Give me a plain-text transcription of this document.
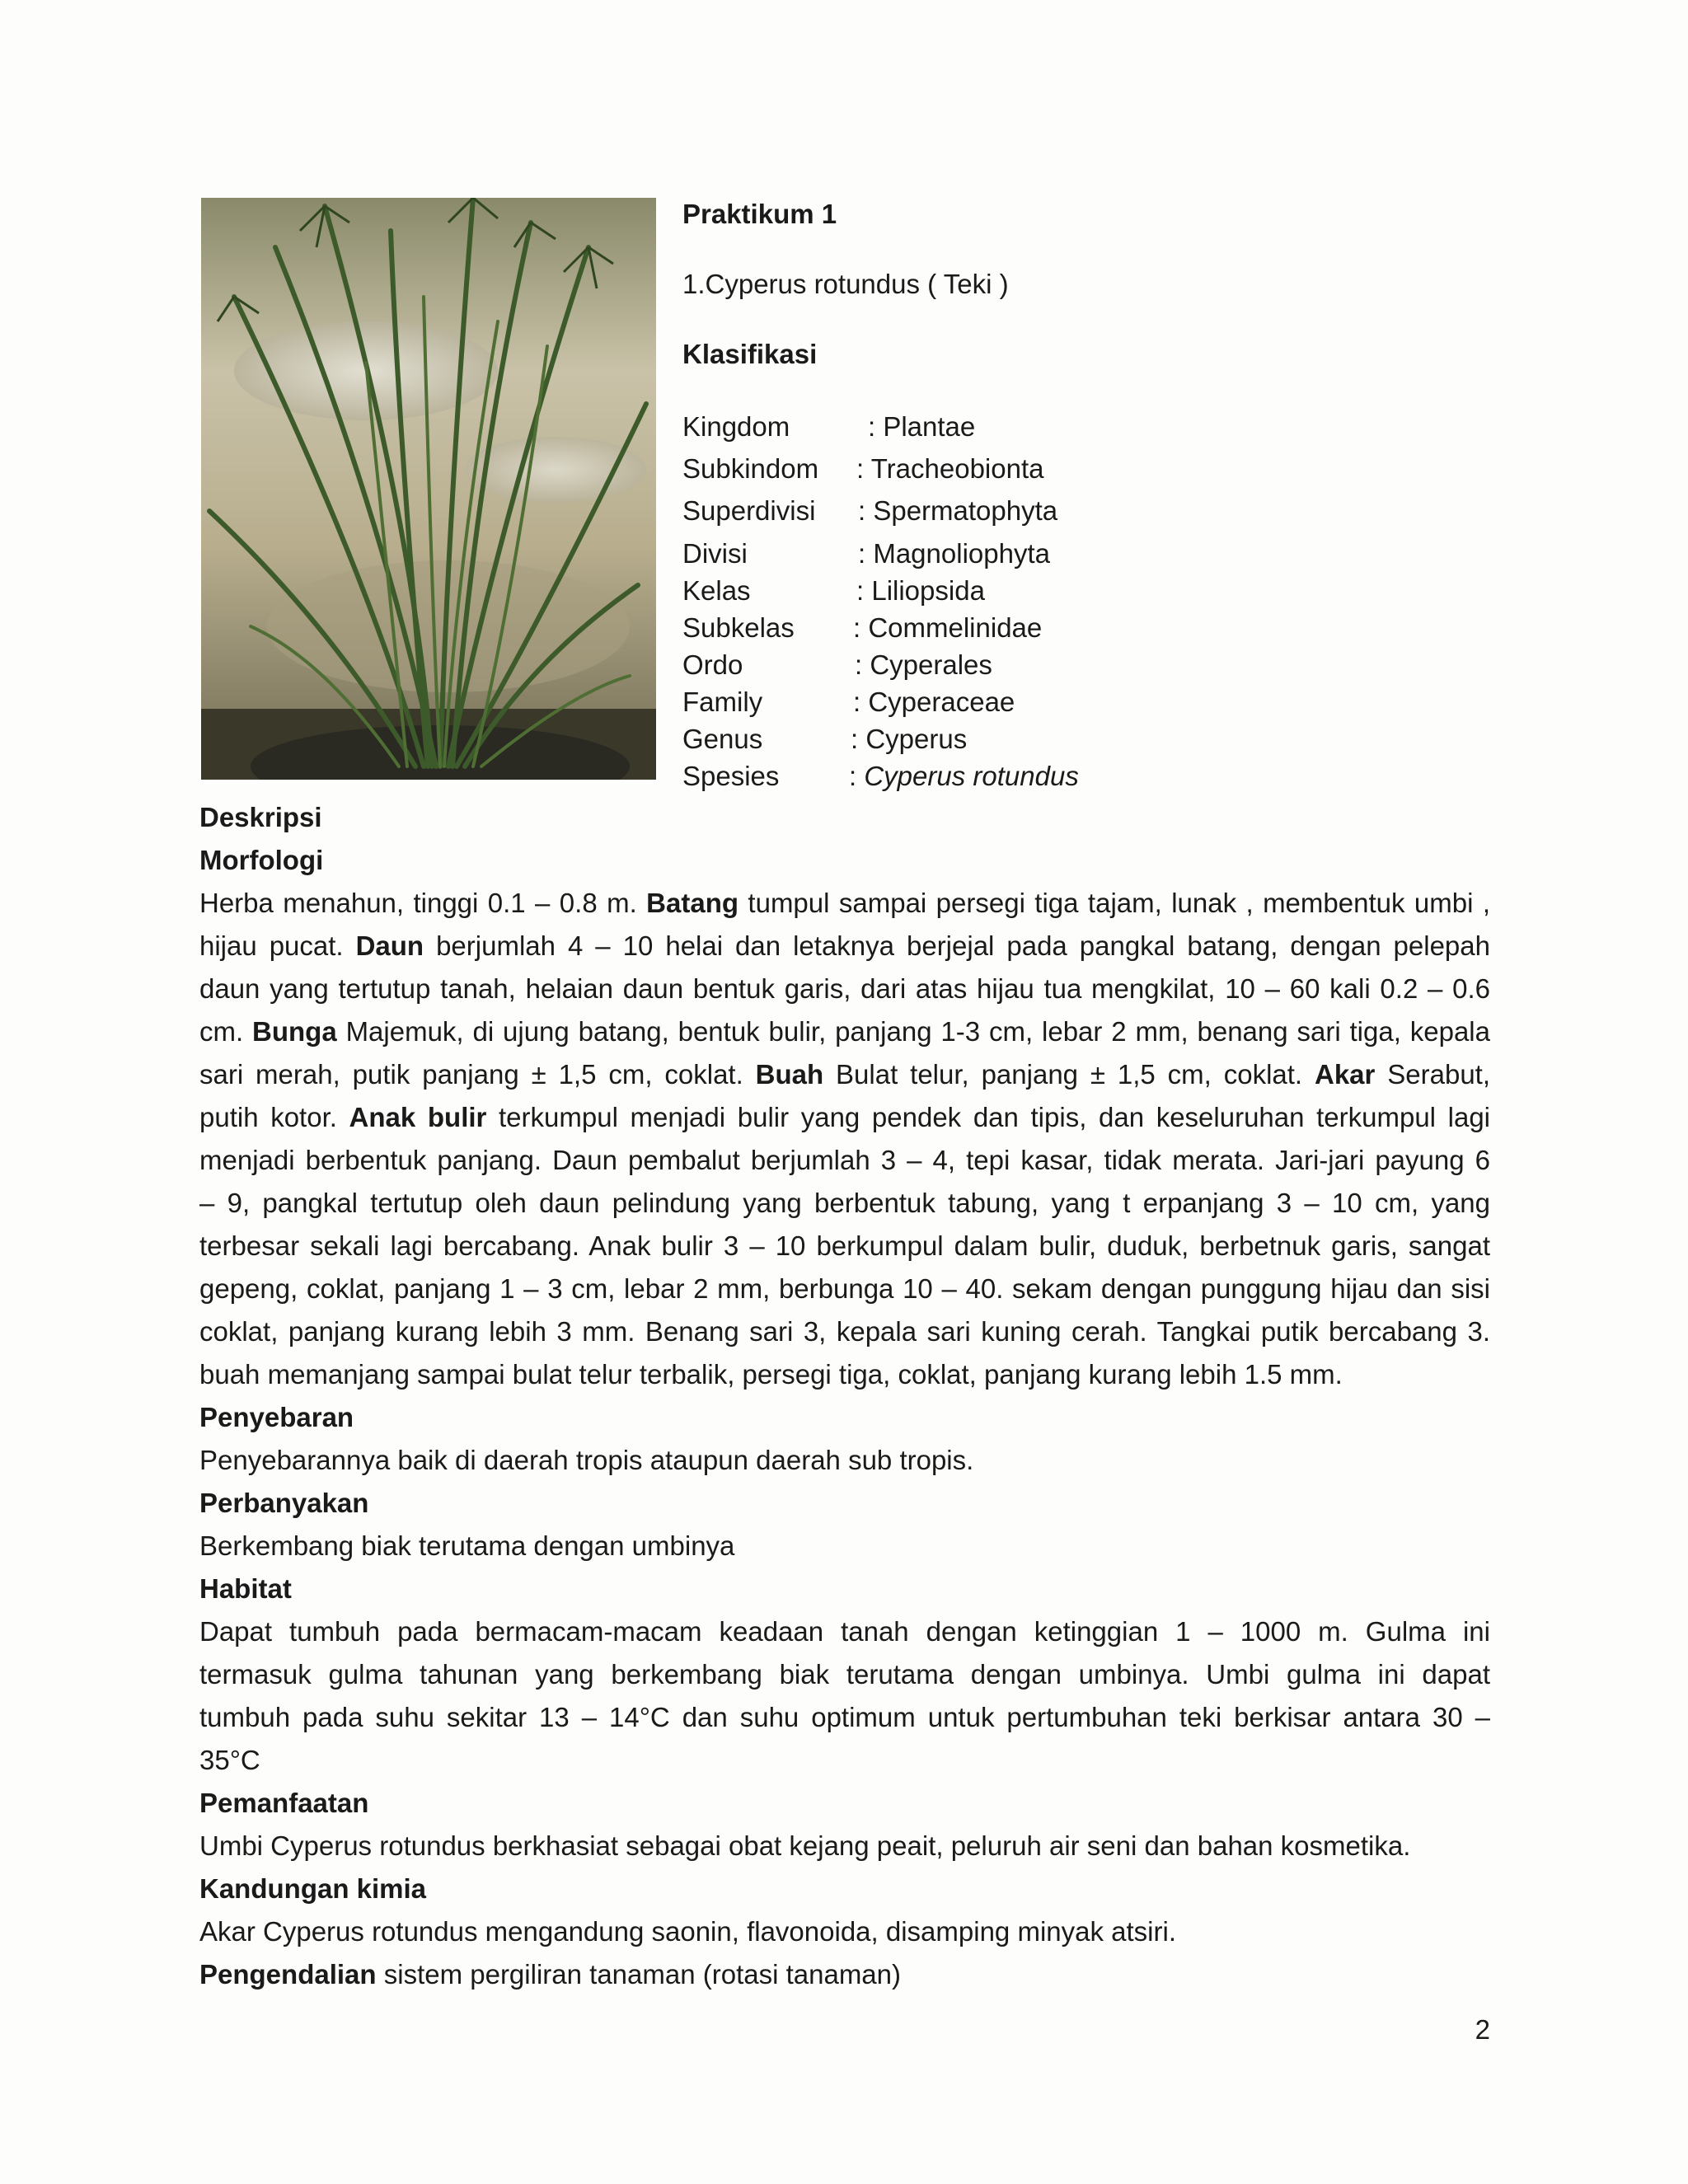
Praktikum 1
1.Cyperus rotundus ( Teki )
Klasifikasi
Kingdom	: Plantae
Subkindom : Tracheobionta
Superdivisi : Spermatophyta
Divisi	: Magnoliophyta
Kelas	: Liliopsida
Subkelas : Commelinidae
Ordo	: Cyperales
Family	: Cyperaceae
Genus	: Cyperus
Spesies	: Cyperus rotundus
Deskripsi
Morfologi
Herba menahun, tinggi 0.1 – 0.8 m. Batang tumpul sampai persegi tiga tajam, lunak , membentuk umbi ,
hijau pucat. Daun berjumlah 4 – 10 helai dan letaknya berjejal pada pangkal batang, dengan pelepah
daun yang tertutup tanah, helaian daun bentuk garis, dari atas hijau tua mengkilat, 10 – 60 kali 0.2 – 0.6
cm. Bunga Majemuk, di ujung batang, bentuk bulir, panjang 1-3 cm, lebar 2 mm, benang sari tiga, kepala
sari merah, putik panjang ± 1,5 cm, coklat. Buah Bulat telur, panjang ± 1,5 cm, coklat. Akar Serabut,
putih kotor. Anak bulir terkumpul menjadi bulir yang pendek dan tipis, dan keseluruhan terkumpul lagi
menjadi berbentuk panjang. Daun pembalut berjumlah 3 – 4, tepi kasar, tidak merata. Jari-jari payung 6
– 9, pangkal tertutup oleh daun pelindung yang berbentuk tabung, yang t erpanjang 3 – 10 cm, yang
terbesar sekali lagi bercabang. Anak bulir 3 – 10 berkumpul dalam bulir, duduk, berbetnuk garis, sangat
gepeng, coklat, panjang 1 – 3 cm, lebar 2 mm, berbunga 10 – 40. sekam dengan punggung hijau dan sisi
coklat, panjang kurang lebih 3 mm. Benang sari 3, kepala sari kuning cerah. Tangkai putik bercabang 3.
buah memanjang sampai bulat telur terbalik, persegi tiga, coklat, panjang kurang lebih 1.5 mm.
Penyebaran
Penyebarannya baik di daerah tropis ataupun daerah sub tropis.
Perbanyakan
Berkembang biak terutama dengan umbinya
Habitat
Dapat tumbuh pada bermacam-macam keadaan tanah dengan ketinggian 1 – 1000 m. Gulma ini
termasuk gulma tahunan yang berkembang biak terutama dengan umbinya. Umbi gulma ini dapat
tumbuh pada suhu sekitar 13 – 14°C dan suhu optimum untuk pertumbuhan teki berkisar antara 30 –
35°C
Pemanfaatan
Umbi Cyperus rotundus berkhasiat sebagai obat kejang peait, peluruh air seni dan bahan kosmetika.
Kandungan kimia
Akar Cyperus rotundus mengandung saonin, flavonoida, disamping minyak atsiri.
Pengendalian sistem pergiliran tanaman (rotasi tanaman)
2
